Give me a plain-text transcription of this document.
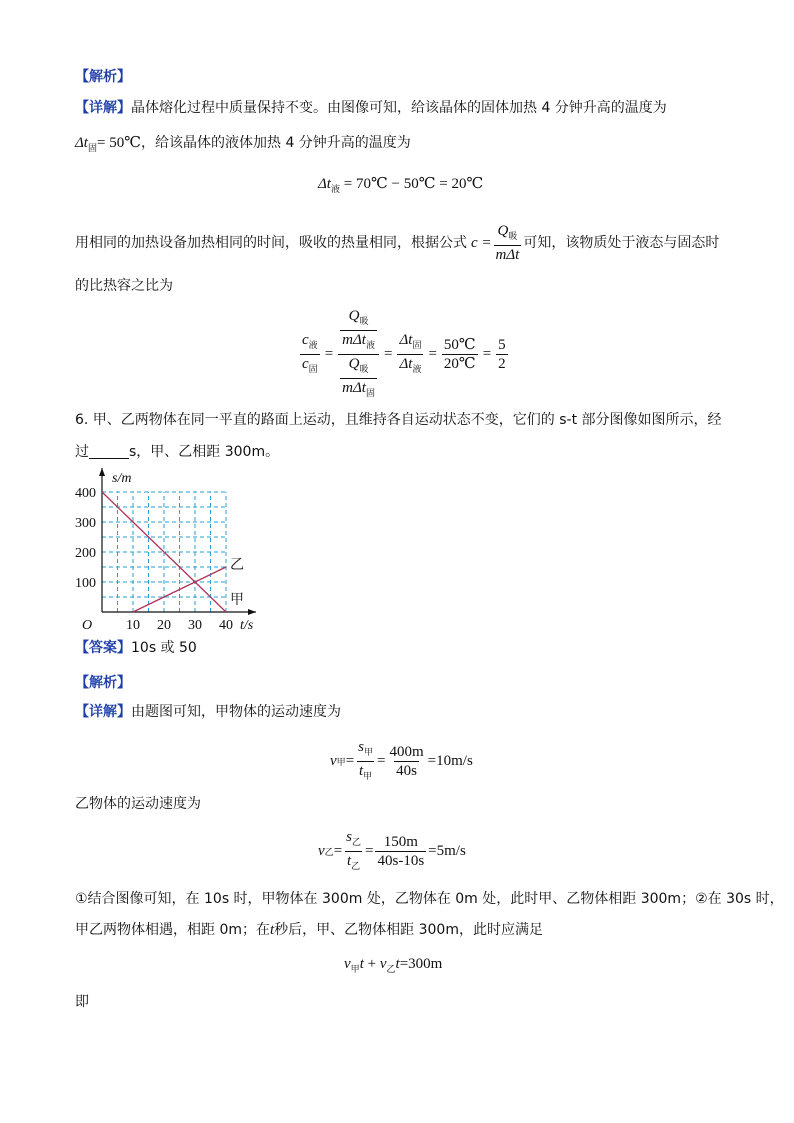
【解析】
【详解】晶体熔化过程中质量保持不变。由图像可知，给该晶体的固体加热 4 分钟升高的温度为
$\Delta t_固=$ 50℃，给该晶体的液体加热 4 分钟升高的温度为
$\Delta t_液$ = 70℃ − 50℃ = 20℃
用相同的加热设备加热相同的时间，吸收的热量相同，根据公式 $c = \frac{Q_吸}{\text{mΔt}}$ 可知，该物质处于液态与固态时
的比热容之比为
$\frac{c_液}{c_固} = Q_吸$
mΔt$_液$
$Q_吸$
$m\Delta t_固 = \frac{\Delta t_固}{\Delta t_液} = \frac{50℃}{20℃} = \frac{5}{2}$
6. 甲、乙两物体在同一平直的路面上运动，且维持各自运动状态不变，它们的 s-t 部分图像如图所示，经
过	s，甲、乙相距 300m。
10 20 30 40
100
200
300
400
O
s/m
t/s
甲
乙
【答案】10s 或 50
【解析】
【详解】由题图可知，甲物体的运动速度为
v 甲 = $\frac{s_甲}{t_甲} = \frac{400m}{40s} =10m/s$
乙物体的运动速度为
v 乙 = $\frac{s_乙}{t_乙} = \frac{150m}{40s-10s} =5m/s$
①结合图像可知，在 10s 时，甲物体在 300m 处，乙物体在 0m 处，此时甲、乙物体相距 300m；②在 30s 时，
甲乙两物体相遇，相距 0m；在t秒后，甲、乙物体相距 300m，此时应满足
$v_甲t + v_乙t=300m$
即
